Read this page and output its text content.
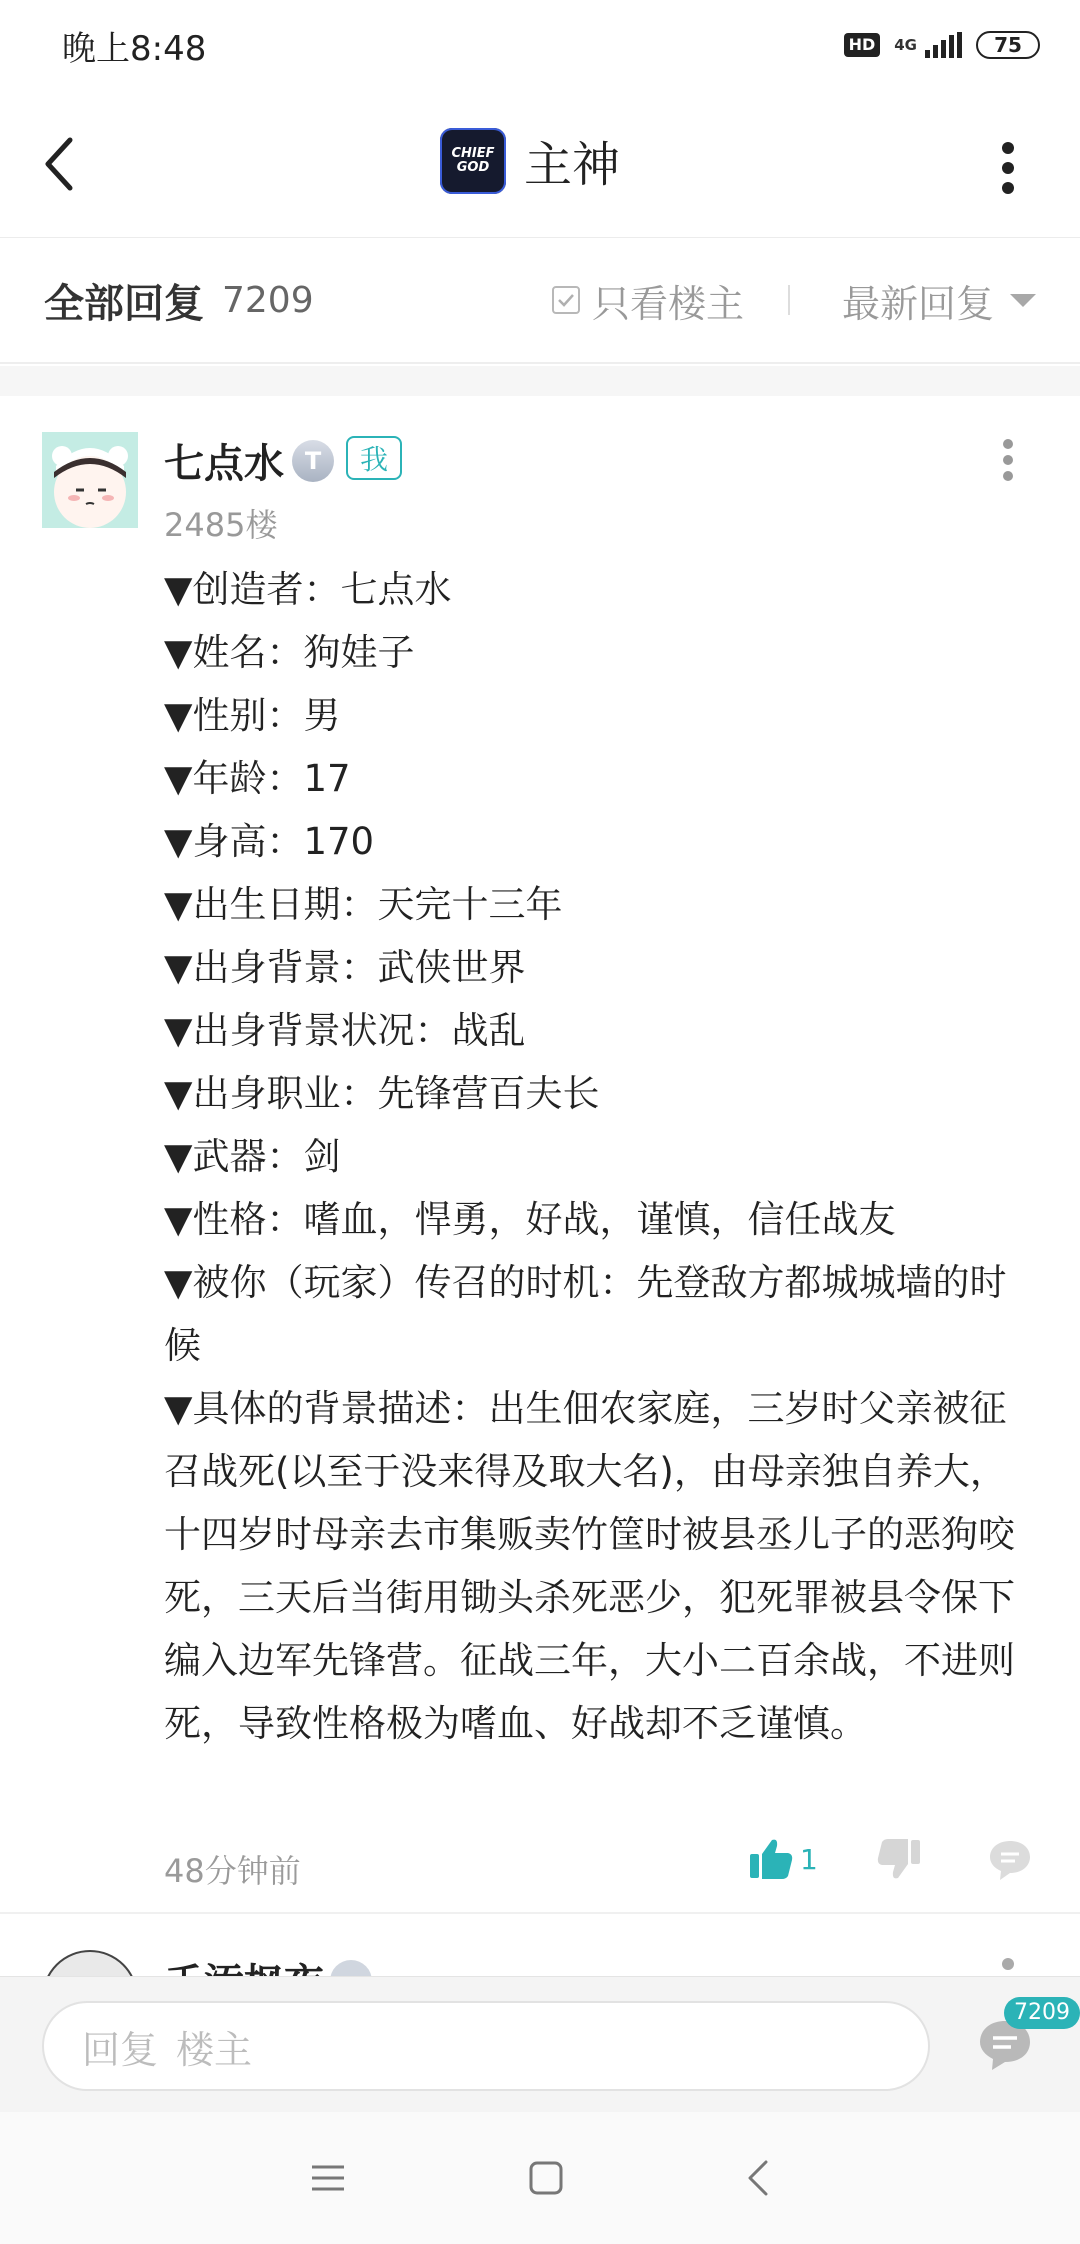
晚上8:48	HD	4G	75
CHIEF
GOD 主神
全部回复 7209	只看楼主	最新回复
七点水 T	我
2485楼
▼创造者：七点水
▼姓名：狗娃子
▼性别：男
▼年龄：17
▼身高：170
▼出生日期：天完十三年
▼出身背景：武侠世界
▼出身背景状况：战乱
▼出身职业：先锋营百夫长
▼武器：剑
▼性格：嗜血，悍勇，好战，谨慎，信任战友
▼被你（玩家）传召的时机：先登敌方都城城墙的时候
▼具体的背景描述：出生佃农家庭，三岁时父亲被征召战死(以至于没来得及取大名)，由母亲独自养大，十四岁时母亲去市集贩卖竹筐时被县丞儿子的恶狗咬死，三天后当街用锄头杀死恶少，犯死罪被县令保下编入边军先锋营。征战三年，大小二百余战，不进则死，导致性格极为嗜血、好战却不乏谨慎。
48分钟前	1
回复 楼主
7209
